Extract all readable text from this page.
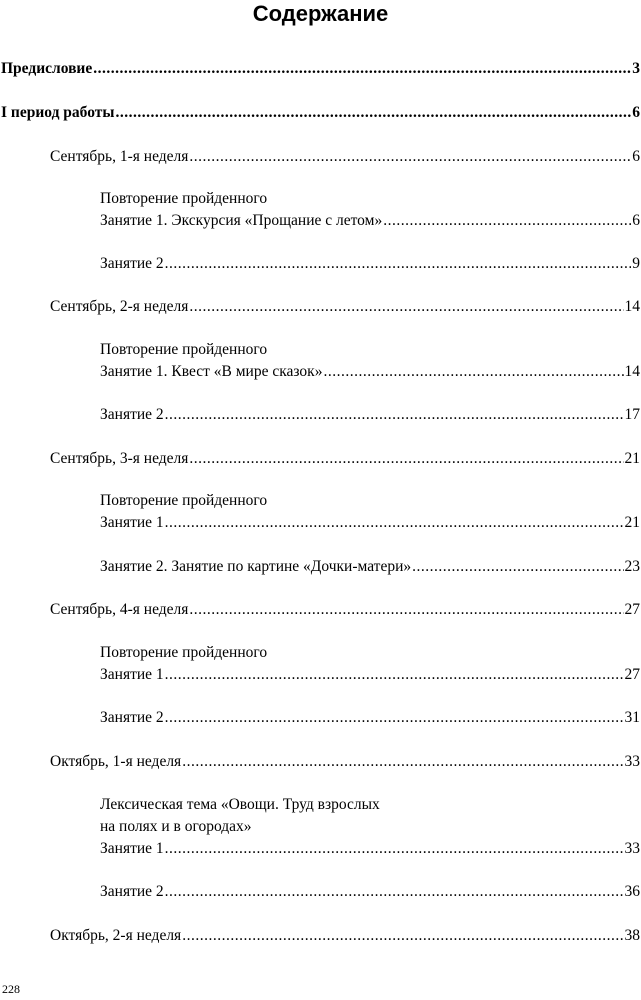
Содержание
Предисловие .....	3
I период работы .....	6
Сентябрь, 1-я неделя .....	6
Повторение пройденного
Занятие 1. Экскурсия «Прощание с летом» .....	6
Занятие 2 .....	9
Сентябрь, 2-я неделя .....	14
Повторение пройденного
Занятие 1. Квест «В мире сказок» .....	14
Занятие 2 .....	17
Сентябрь, 3-я неделя .....	21
Повторение пройденного
Занятие 1 .....	21
Занятие 2. Занятие по картине «Дочки-матери» .....	23
Сентябрь, 4-я неделя .....	27
Повторение пройденного
Занятие 1 .....	27
Занятие 2 .....	31
Октябрь, 1-я неделя .....	33
Лексическая тема «Овощи. Труд взрослых
на полях и в огородах»
Занятие 1 .....	33
Занятие 2 .....	36
Октябрь, 2-я неделя .....	38
228
